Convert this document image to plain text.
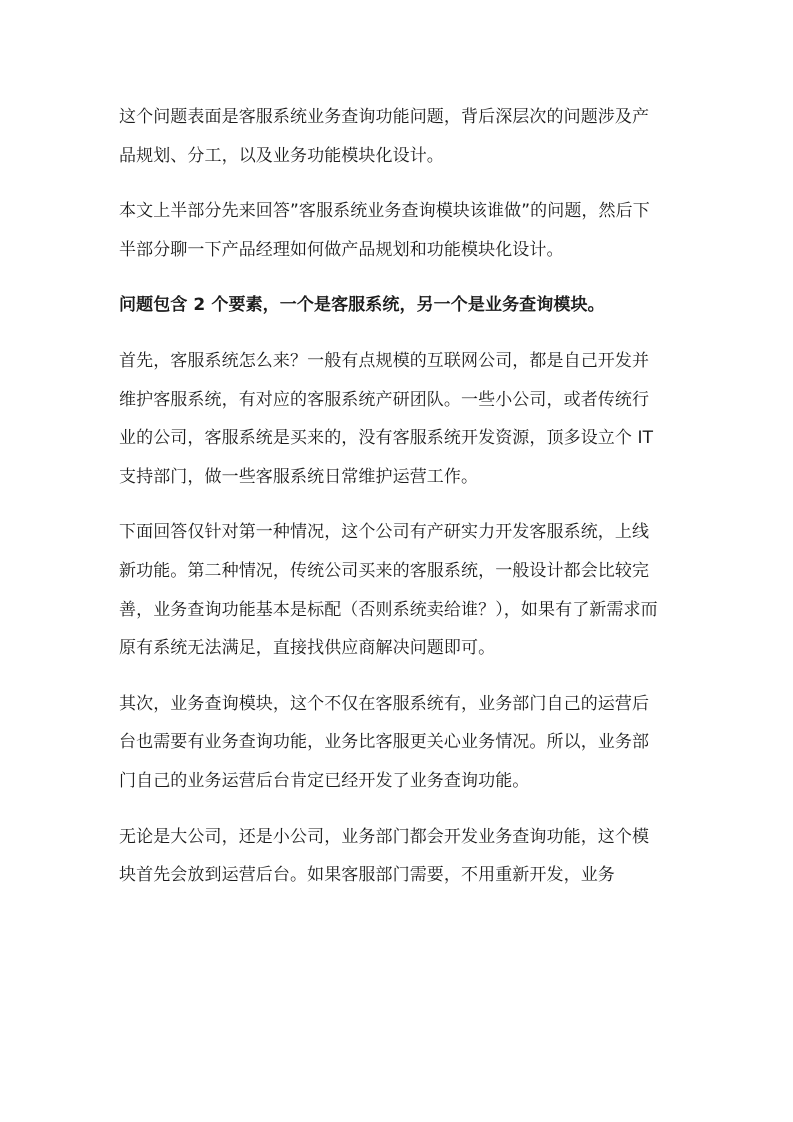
这个问题表面是客服系统业务查询功能问题，背后深层次的问题涉及产品规划、分工，以及业务功能模块化设计。

本文上半部分先来回答”客服系统业务查询模块该谁做”的问题，然后下半部分聊一下产品经理如何做产品规划和功能模块化设计。

问题包含 2 个要素，一个是客服系统，另一个是业务查询模块。

首先，客服系统怎么来？一般有点规模的互联网公司，都是自己开发并维护客服系统，有对应的客服系统产研团队。一些小公司，或者传统行业的公司，客服系统是买来的，没有客服系统开发资源，顶多设立个 IT 支持部门，做一些客服系统日常维护运营工作。

下面回答仅针对第一种情况，这个公司有产研实力开发客服系统，上线新功能。第二种情况，传统公司买来的客服系统，一般设计都会比较完善，业务查询功能基本是标配（否则系统卖给谁？），如果有了新需求而原有系统无法满足，直接找供应商解决问题即可。

其次，业务查询模块，这个不仅在客服系统有，业务部门自己的运营后台也需要有业务查询功能，业务比客服更关心业务情况。所以，业务部门自己的业务运营后台肯定已经开发了业务查询功能。

无论是大公司，还是小公司，业务部门都会开发业务查询功能，这个模块首先会放到运营后台。如果客服部门需要，不用重新开发，业务
